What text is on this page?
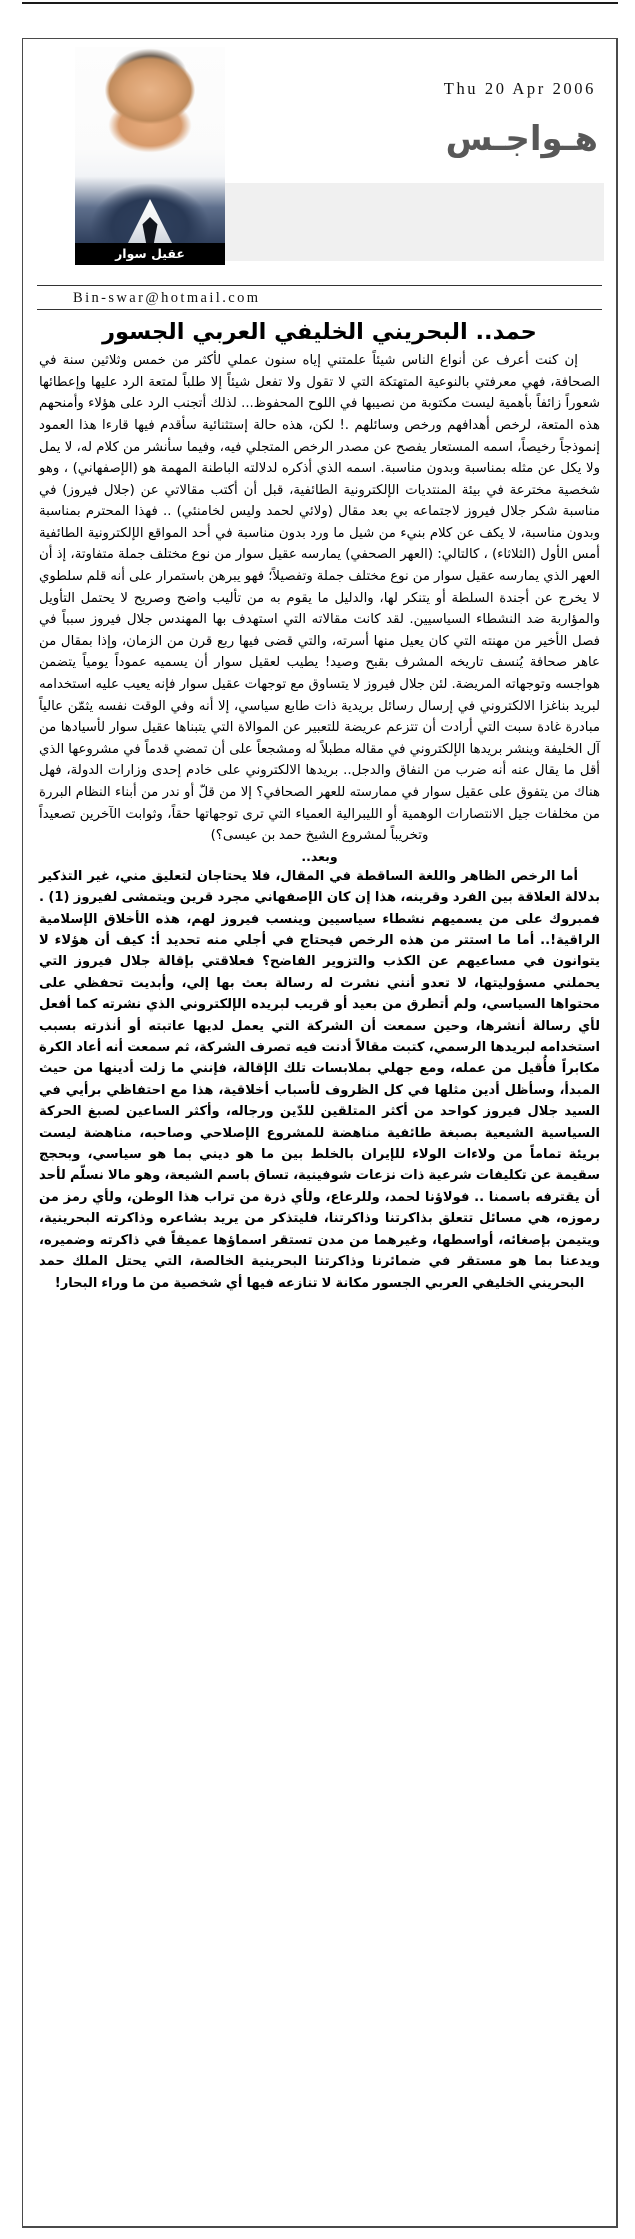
عقيل سوار
Thu 20 Apr 2006
هـواجـس
Bin-swar@hotmail.com
حمد.. البحريني الخليفي العربي الجسور

إن كنت أعرف عن أنواع الناس شيئاً علمتني إياه سنون عملي لأكثر من خمس وثلاثين سنة في الصحافة، فهي معرفتي بالنوعية المتهتكة التي لا تقول ولا تفعل شيئاً إلا طلباً لمتعة الرد عليها وإعطائها شعوراً زائفاً بأهمية ليست مكتوبة من نصيبها في اللوح المحفوظ... لذلك أتجنب الرد على هؤلاء وأمنحهم هذه المتعة، لرخص أهدافهم ورخص وسائلهم .! لكن، هذه حالة إستثنائية سأقدم فيها قارءا هذا العمود إنموذجاً رخيصاً، اسمه المستعار يفصح عن مصدر الرخص المتجلي فيه، وفيما سأنشر من كلام له، لا يمل ولا يكل عن مثله بمناسبة وبدون مناسبة. اسمه الذي أذكره لدلالته الباطنة المهمة هو (الإصفهاني) ، وهو شخصية مخترعة في بيئة المنتديات الإلكترونية الطائفية، قبل أن أكتب مقالاتي عن (جلال فيروز) في مناسبة شكر جلال فيروز لاجتماعه بي بعد مقال (ولائي لحمد وليس لخامنئي) .. فهذا المحترم بمناسبة وبدون مناسبة، لا يكف عن كلام بنيء من شيل ما ورد بدون مناسبة في أحد المواقع الإلكترونية الطائفية أمس الأول (الثلاثاء) ، كالتالي: (العهر الصحفي) يمارسه عقيل سوار من نوع مختلف جملة متفاوتة، إذ أن العهر الذي يمارسه عقيل سوار من نوع مختلف جملة وتفصيلاً؛ فهو يبرهن باستمرار على أنه قلم سلطوي لا يخرج عن أجندة السلطة أو يتنكر لها، والدليل ما يقوم به من تأليب واضح وصريح لا يحتمل التأويل والمؤاربة ضد النشطاء السياسيين. لقد كانت مقالاته التي استهدف بها المهندس جلال فيروز سبباً في فصل الأخير من مهنته التي كان يعيل منها أسرته، والتي قضى فيها ربع قرن من الزمان، وإذا بمقال من عاهر صحافة يُنسف تاريخه المشرف بقبح وصيد! يطيب لعقيل سوار أن يسميه عموداً يومياً يتضمن هواجسه وتوجهاته المريضة. لئن جلال فيروز لا يتساوق مع توجهات عقيل سوار فإنه يعيب عليه استخدامه لبريد بناغزا الالكتروني في إرسال رسائل بريدية ذات طابع سياسي، إلا أنه وفي الوقت نفسه يثمّن عالياً مبادرة غادة سبت التي أرادت أن تتزعم عريضة للتعبير عن الموالاة التي يتبناها عقيل سوار لأسيادها من آل الخليفة وينشر بريدها الإلكتروني في مقاله مطبلاً له ومشجعاً على أن تمضي قدماً في مشروعها الذي أقل ما يقال عنه أنه ضرب من النفاق والدجل.. بريدها الالكتروني على خادم إحدى وزارات الدولة، فهل هناك من يتفوق على عقيل سوار في ممارسته للعهر الصحافي؟ إلا من قلّ أو ندر من أبناء النظام البررة من مخلفات جيل الانتصارات الوهمية أو الليبرالية العمياء التي ترى توجهاتها حقاً، وثوابت الآخرين تصعيداً وتخريباً لمشروع الشيخ حمد بن عيسى؟)

وبعد..

أما الرخص الظاهر واللغة الساقطة في المقال، فلا يحتاجان لتعليق مني، غير التذكير بدلالة العلاقة بين الفرد وقرينه، هذا إن كان الإصفهاني مجرد قرين ويتمشى لفيروز (1) . فمبروك على من يسميهم نشطاء سياسيين وينسب فيروز لهم، هذه الأخلاق الإسلامية الراقية!.. أما ما استتر من هذه الرخص فيحتاج في أجلي منه تحديد أ: كيف أن هؤلاء لا يتوانون في مساعيهم عن الكذب والتزوير الفاضح؟ فعلاقتي بإقالة جلال فيروز التي يحملني مسؤوليتها، لا تعدو أنني نشرت له رسالة بعث بها إلي، وأبديت تحفظي على محتواها السياسي، ولم أتطرق من بعيد أو قريب لبريده الإلكتروني الذي نشرته كما أفعل لأي رسالة أنشرها، وحين سمعت أن الشركة التي يعمل لديها عاتبته أو أنذرته بسبب استخدامه لبريدها الرسمي، كتبت مقالاً أدنت فيه تصرف الشركة، ثم سمعت أنه أعاد الكرة مكابراً فأُقيل من عمله، ومع جهلي بملابسات تلك الإقالة، فإنني ما زلت أدينها من حيث المبدأ، وسأظل أدين مثلها في كل الظروف لأسباب أخلاقية، هذا مع احتفاظي برأيي في السيد جلال فيروز كواحد من أكثر المتلقين للدّين ورجاله، وأكثر الساعين لصبغ الحركة السياسية الشيعية بصبغة طائفية مناهضة للمشروع الإصلاحي وصاحبه، مناهضة ليست بريئة تماماً من ولاءات الولاء للإيران بالخلط بين ما هو ديني بما هو سياسي، وبحجج سقيمة عن تكليفات شرعية ذات نزعات شوفينية، تساق باسم الشيعة، وهو مالا نسلّم لأحد أن يقترفه باسمنا .. فولاؤنا لحمد، وللرعاع، ولأي ذرة من تراب هذا الوطن، ولأي رمز من رموزه، هي مسائل تتعلق بذاكرتنا وذاكرتنا، فليتذكر من يريد بشاعره وذاكرته البحرينية، ويتيمن بإصغائه، أواسطها، وغيرهما من مدن تستقر اسماؤها عميقاً في ذاكرته وضميره، ويدعنا بما هو مستقر في ضمائرنا وذاكرتنا البحرينية الخالصة، التي يحتل الملك حمد البحريني الخليفي العربي الجسور مكانة لا تنازعه فيها أي شخصية من ما وراء البحار!
